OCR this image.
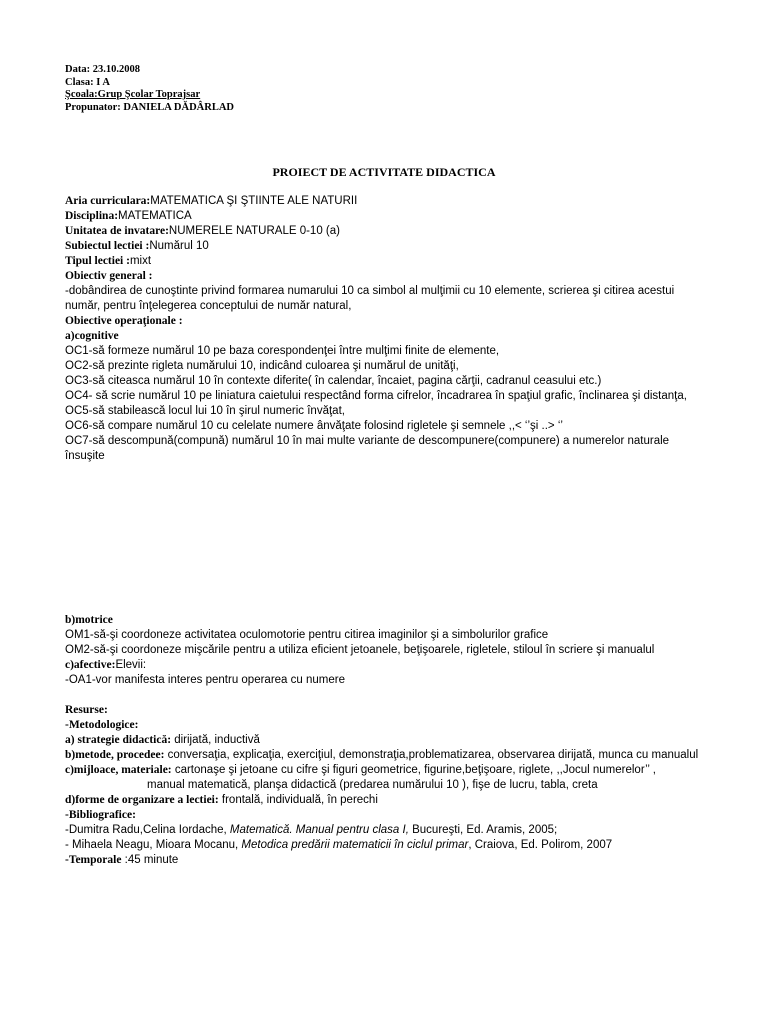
Data: 23.10.2008
Clasa: I A
Şcoala:Grup Şcolar Toprajsar
Propunator: DANIELA DĂDÂRLAD
PROIECT DE ACTIVITATE DIDACTICA
Aria curriculara:MATEMATICA ŞI ŞTIINTE ALE NATURII
Disciplina:MATEMATICA
Unitatea de invatare:NUMERELE NATURALE 0-10 (a)
Subiectul lectiei :Numărul 10
Tipul lectiei :mixt
Obiectiv general :
-dobândirea de cunoştinte privind formarea numarului 10 ca simbol al mulţimii cu 10 elemente, scrierea şi citirea acestui număr, pentru înţelegerea conceptului de număr natural,
Obiective operaţionale :
a)cognitive
OC1-să formeze numărul 10 pe baza corespondenţei între mulţimi finite de elemente,
OC2-să prezinte rigleta numărului 10, indicând culoarea şi numărul de unităţi,
OC3-să citeasca numărul 10 în contexte diferite( în calendar, încaiet, pagina cărţii, cadranul ceasului etc.)
OC4- să scrie numărul 10 pe liniatura caietului respectând forma cifrelor, încadrarea în spaţiul grafic, înclinarea şi distanţa,
OC5-să stabilească locul lui 10 în şirul numeric învăţat,
OC6-să compare numărul 10 cu celelate numere ânvăţate folosind rigletele şi semnele ,,< ‘’şi ..> ‘’
OC7-să descompună(compună) numărul 10 în mai multe variante de descompunere(compunere) a numerelor naturale însuşite
b)motrice
OM1-să-şi coordoneze activitatea oculomotorie pentru citirea imaginilor şi a simbolurilor grafice
OM2-să-şi coordoneze mişcările pentru a utiliza eficient jetoanele, beţişoarele, rigletele, stiloul în scriere şi manualul
c)afective:Elevii:
-OA1-vor manifesta interes pentru operarea cu numere
Resurse:
-Metodologice:
a) strategie didactică: dirijată, inductivă
b)metode, procedee: conversaţia, explicaţia, exerciţiul, demonstraţia,problematizarea, observarea dirijată, munca cu manualul
c)mijloace, materiale: cartonaşe şi jetoane cu cifre şi figuri geometrice, figurine,beţişoare, riglete, ,,Jocul numerelor’’ ,
manual matematică, planşa didactică (predarea numărului 10 ), fişe de lucru, tabla, creta
d)forme de organizare a lectiei: frontală, individuală, în perechi
-Bibliografice:
-Dumitra Radu,Celina Iordache, Matematică. Manual pentru clasa I, Bucureşti, Ed. Aramis, 2005;
- Mihaela Neagu, Mioara Mocanu, Metodica predării matematicii în ciclul primar, Craiova, Ed. Polirom, 2007
-Temporale :45 minute
